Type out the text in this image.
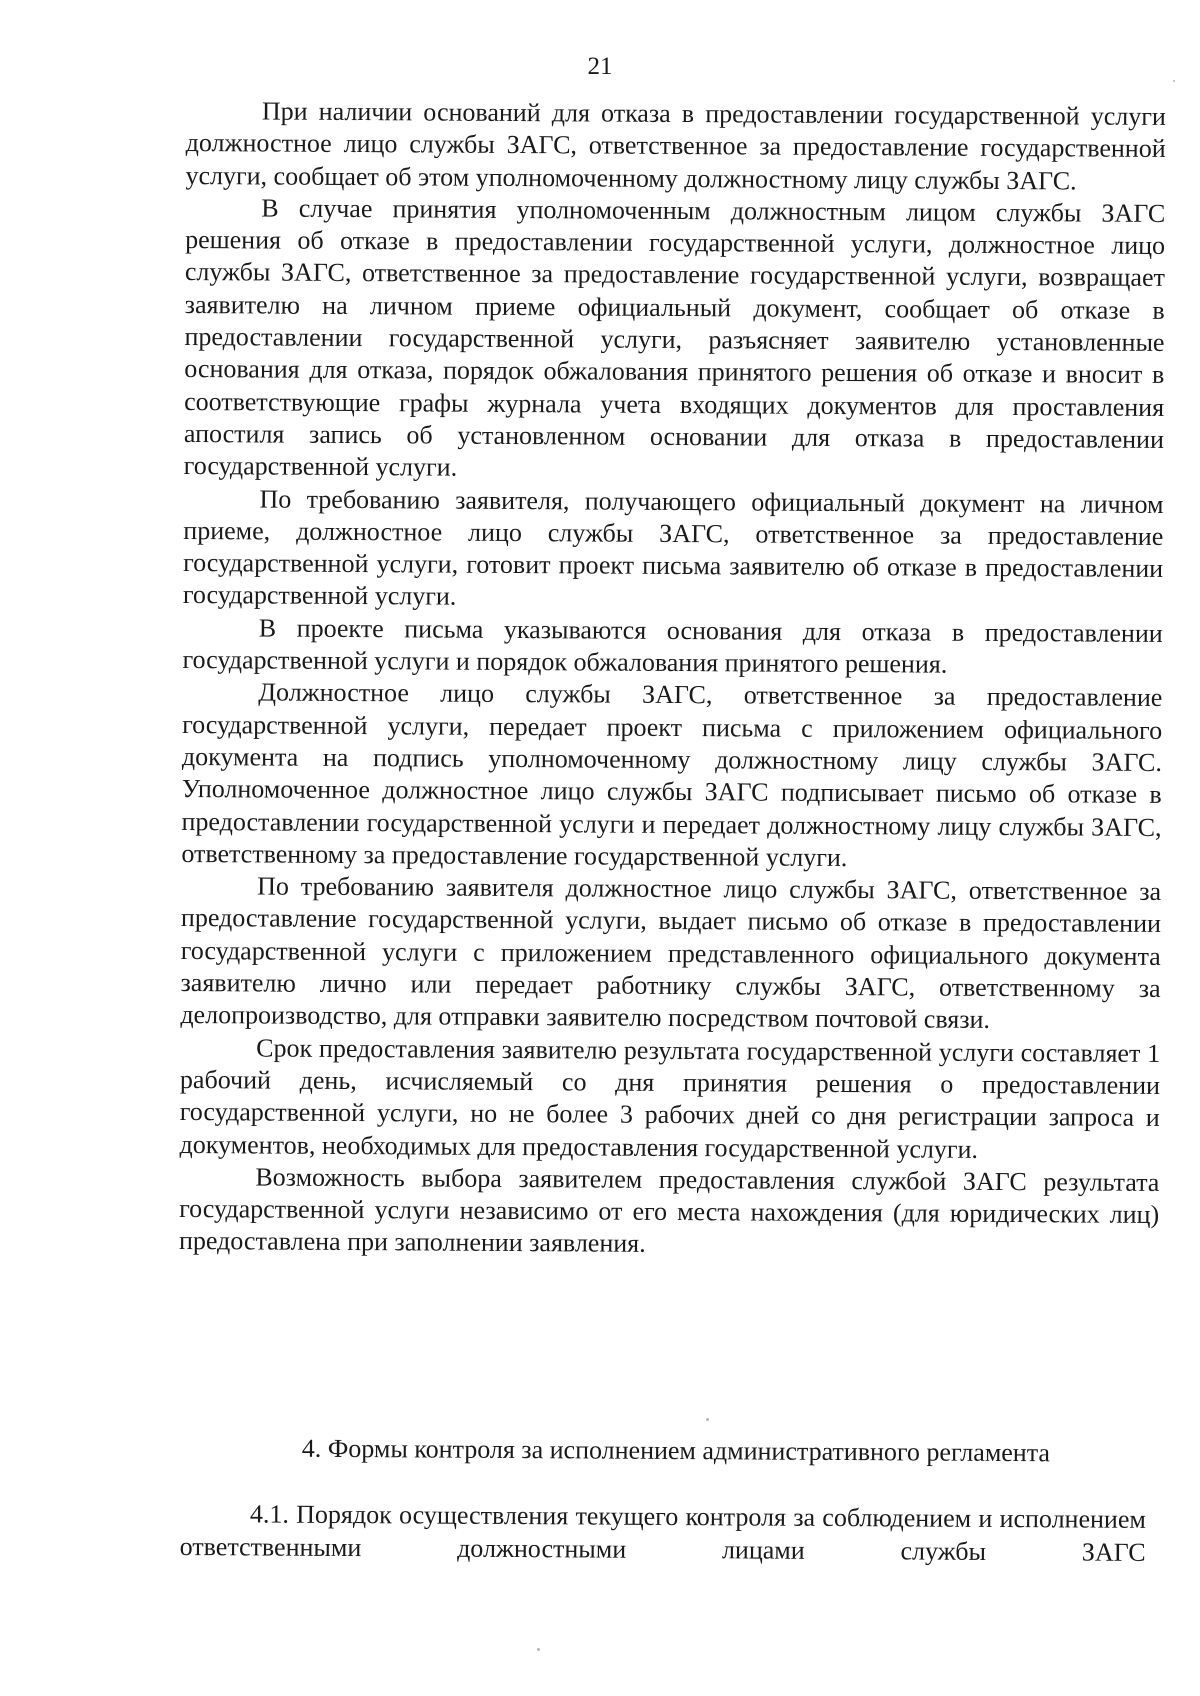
21

При наличии оснований для отказа в предоставлении государственной услуги должностное лицо службы ЗАГС, ответственное за предоставление государственной услуги, сообщает об этом уполномоченному должностному лицу службы ЗАГС.

В случае принятия уполномоченным должностным лицом службы ЗАГС решения об отказе в предоставлении государственной услуги, должностное лицо службы ЗАГС, ответственное за предоставление государственной услуги, возвращает заявителю на личном приеме официальный документ, сообщает об отказе в предоставлении государственной услуги, разъясняет заявителю установленные основания для отказа, порядок обжалования принятого решения об отказе и вносит в соответствующие графы журнала учета входящих документов для проставления апостиля запись об установленном основании для отказа в предоставлении государственной услуги.

По требованию заявителя, получающего официальный документ на личном приеме, должностное лицо службы ЗАГС, ответственное за предоставление государственной услуги, готовит проект письма заявителю об отказе в предоставлении государственной услуги.

В проекте письма указываются основания для отказа в предоставлении государственной услуги и порядок обжалования принятого решения.

Должностное лицо службы ЗАГС, ответственное за предоставление государственной услуги, передает проект письма с приложением официального документа на подпись уполномоченному должностному лицу службы ЗАГС. Уполномоченное должностное лицо службы ЗАГС подписывает письмо об отказе в предоставлении государственной услуги и передает должностному лицу службы ЗАГС, ответственному за предоставление государственной услуги.

По требованию заявителя должностное лицо службы ЗАГС, ответственное за предоставление государственной услуги, выдает письмо об отказе в предоставлении государственной услуги с приложением представленного официального документа заявителю лично или передает работнику службы ЗАГС, ответственному за делопроизводство, для отправки заявителю посредством почтовой связи.

Срок предоставления заявителю результата государственной услуги составляет 1 рабочий день, исчисляемый со дня принятия решения о предоставлении государственной услуги, но не более 3 рабочих дней со дня регистрации запроса и документов, необходимых для предоставления государственной услуги.

Возможность выбора заявителем предоставления службой ЗАГС результата государственной услуги независимо от его места нахождения (для юридических лиц) предоставлена при заполнении заявления.

4. Формы контроля за исполнением административного регламента
4.1. Порядок осуществления текущего контроля за соблюдением и исполнением ответственными должностными лицами службы ЗАГС
